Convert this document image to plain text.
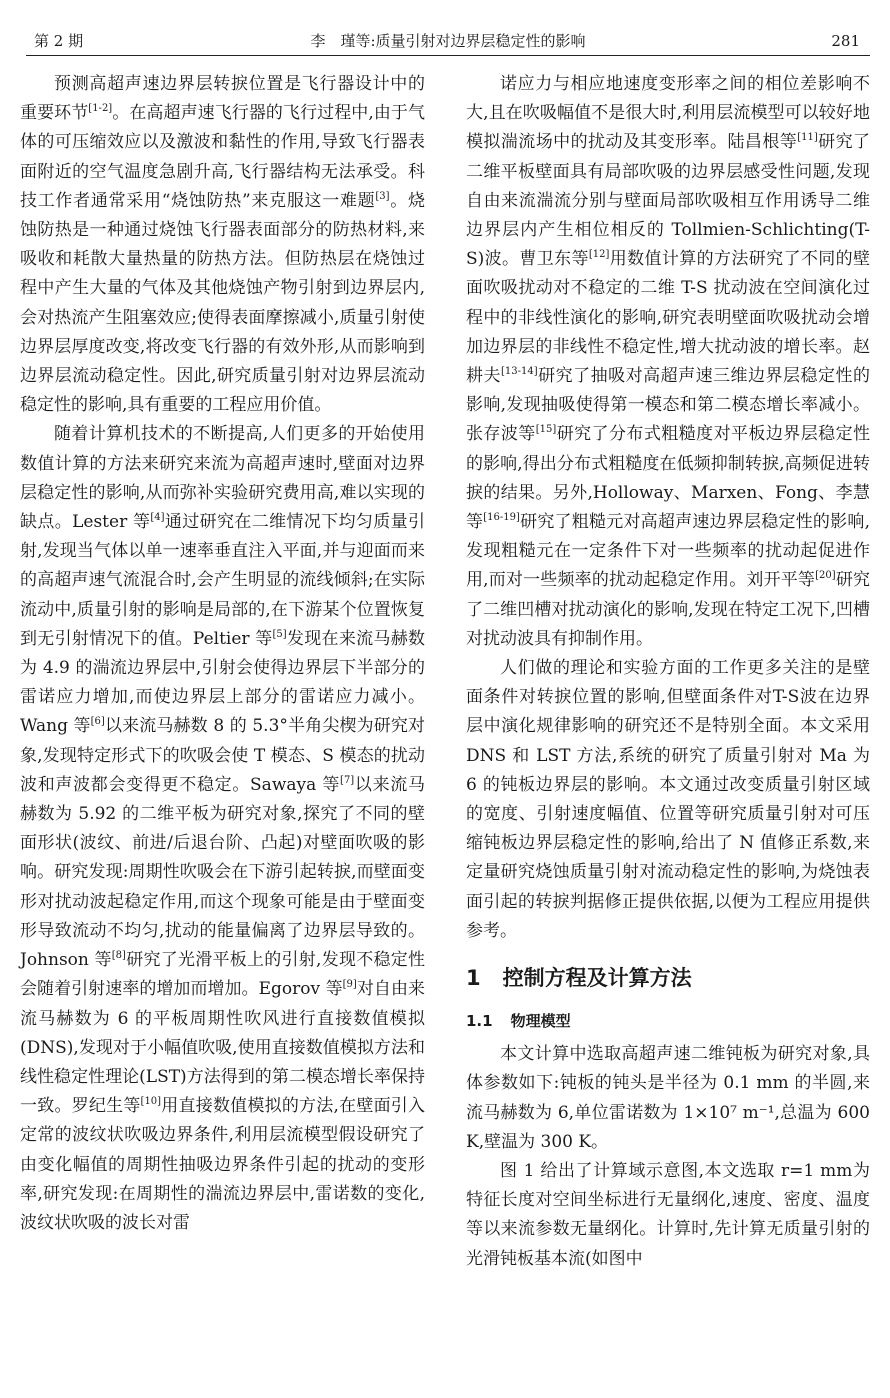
第 2 期	李　瑾等:质量引射对边界层稳定性的影响	281

预测高超声速边界层转捩位置是飞行器设计中的重要环节[1-2]。在高超声速飞行器的飞行过程中,由于气体的可压缩效应以及激波和黏性的作用,导致飞行器表面附近的空气温度急剧升高,飞行器结构无法承受。科技工作者通常采用“烧蚀防热”来克服这一难题[3]。烧蚀防热是一种通过烧蚀飞行器表面部分的防热材料,来吸收和耗散大量热量的防热方法。但防热层在烧蚀过程中产生大量的气体及其他烧蚀产物引射到边界层内,会对热流产生阻塞效应;使得表面摩擦减小,质量引射使边界层厚度改变,将改变飞行器的有效外形,从而影响到边界层流动稳定性。因此,研究质量引射对边界层流动稳定性的影响,具有重要的工程应用价值。

随着计算机技术的不断提高,人们更多的开始使用数值计算的方法来研究来流为高超声速时,壁面对边界层稳定性的影响,从而弥补实验研究费用高,难以实现的缺点。Lester 等[4]通过研究在二维情况下均匀质量引射,发现当气体以单一速率垂直注入平面,并与迎面而来的高超声速气流混合时,会产生明显的流线倾斜;在实际流动中,质量引射的影响是局部的,在下游某个位置恢复到无引射情况下的值。Peltier 等[5]发现在来流马赫数为 4.9 的湍流边界层中,引射会使得边界层下半部分的雷诺应力增加,而使边界层上部分的雷诺应力减小。Wang 等[6]以来流马赫数 8 的 5.3°半角尖楔为研究对象,发现特定形式下的吹吸会使 T 模态、S 模态的扰动波和声波都会变得更不稳定。Sawaya 等[7]以来流马赫数为 5.92 的二维平板为研究对象,探究了不同的壁面形状(波纹、前进/后退台阶、凸起)对壁面吹吸的影响。研究发现:周期性吹吸会在下游引起转捩,而壁面变形对扰动波起稳定作用,而这个现象可能是由于壁面变形导致流动不均匀,扰动的能量偏离了边界层导致的。Johnson 等[8]研究了光滑平板上的引射,发现不稳定性会随着引射速率的增加而增加。Egorov 等[9]对自由来流马赫数为 6 的平板周期性吹风进行直接数值模拟(DNS),发现对于小幅值吹吸,使用直接数值模拟方法和线性稳定性理论(LST)方法得到的第二模态增长率保持一致。罗纪生等[10]用直接数值模拟的方法,在壁面引入定常的波纹状吹吸边界条件,利用层流模型假设研究了由变化幅值的周期性抽吸边界条件引起的扰动的变形率,研究发现:在周期性的湍流边界层中,雷诺数的变化,波纹状吹吸的波长对雷

诺应力与相应地速度变形率之间的相位差影响不大,且在吹吸幅值不是很大时,利用层流模型可以较好地模拟湍流场中的扰动及其变形率。陆昌根等[11]研究了二维平板壁面具有局部吹吸的边界层感受性问题,发现自由来流湍流分别与壁面局部吹吸相互作用诱导二维边界层内产生相位相反的 Tollmien-Schlichting(T-S)波。曹卫东等[12]用数值计算的方法研究了不同的壁面吹吸扰动对不稳定的二维 T-S 扰动波在空间演化过程中的非线性演化的影响,研究表明壁面吹吸扰动会增加边界层的非线性不稳定性,增大扰动波的增长率。赵耕夫[13-14]研究了抽吸对高超声速三维边界层稳定性的影响,发现抽吸使得第一模态和第二模态增长率减小。张存波等[15]研究了分布式粗糙度对平板边界层稳定性的影响,得出分布式粗糙度在低频抑制转捩,高频促进转捩的结果。另外,Holloway、Marxen、Fong、李慧等[16-19]研究了粗糙元对高超声速边界层稳定性的影响,发现粗糙元在一定条件下对一些频率的扰动起促进作用,而对一些频率的扰动起稳定作用。刘开平等[20]研究了二维凹槽对扰动演化的影响,发现在特定工况下,凹槽对扰动波具有抑制作用。

人们做的理论和实验方面的工作更多关注的是壁面条件对转捩位置的影响,但壁面条件对T-S波在边界层中演化规律影响的研究还不是特别全面。本文采用 DNS 和 LST 方法,系统的研究了质量引射对 Ma 为 6 的钝板边界层的影响。本文通过改变质量引射区域的宽度、引射速度幅值、位置等研究质量引射对可压缩钝板边界层稳定性的影响,给出了 N 值修正系数,来定量研究烧蚀质量引射对流动稳定性的影响,为烧蚀表面引起的转捩判据修正提供依据,以便为工程应用提供参考。

1 控制方程及计算方法
1.1 物理模型

本文计算中选取高超声速二维钝板为研究对象,具体参数如下:钝板的钝头是半径为 0.1 mm 的半圆,来流马赫数为 6,单位雷诺数为 1×10⁷ m⁻¹,总温为 600 K,壁温为 300 K。

图 1 给出了计算域示意图,本文选取 r=1 mm为特征长度对空间坐标进行无量纲化,速度、密度、温度等以来流参数无量纲化。计算时,先计算无质量引射的光滑钝板基本流(如图中
